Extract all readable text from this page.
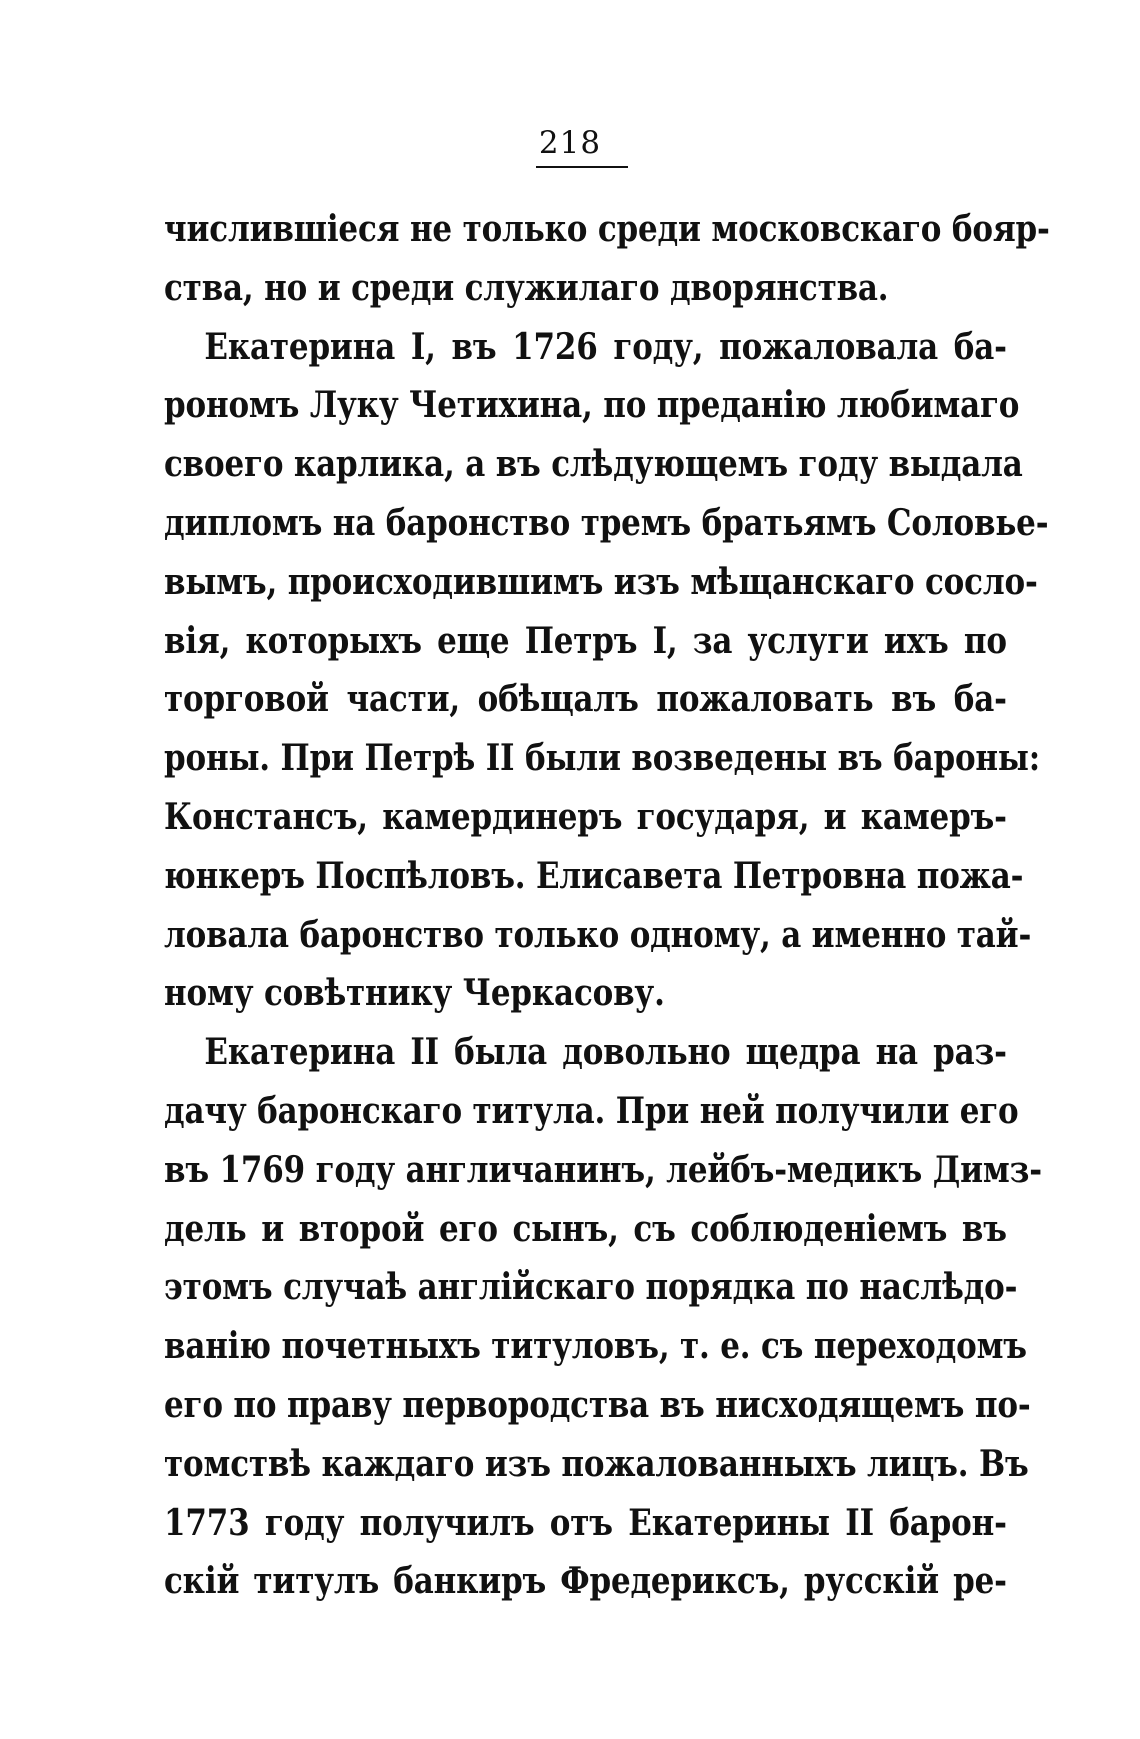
218
числившіеся не только среди московскаго бояр-
ства, но и среди служилаго дворянства.
Екатерина I, въ 1726 году, пожаловала ба-
рономъ Луку Четихина, по преданію любимаго
своего карлика, а въ слѣдующемъ году выдала
дипломъ на баронство тремъ братьямъ Соловье-
вымъ, происходившимъ изъ мѣщанскаго сосло-
вія, которыхъ еще Петръ I, за услуги ихъ по
торговой части, обѣщалъ пожаловать въ ба-
роны. При Петрѣ II были возведены въ бароны:
Констансъ, камердинеръ государя, и камеръ-
юнкеръ Поспѣловъ. Елисавета Петровна пожа-
ловала баронство только одному, а именно тай-
ному совѣтнику Черкасову.
Екатерина II была довольно щедра на раз-
дачу баронскаго титула. При ней получили его
въ 1769 году англичанинъ, лейбъ-медикъ Димз-
дель и второй его сынъ, съ соблюденіемъ въ
этомъ случаѣ англійскаго порядка по наслѣдо-
ванію почетныхъ титуловъ, т. е. съ переходомъ
его по праву первородства въ нисходящемъ по-
томствѣ каждаго изъ пожалованныхъ лицъ. Въ
1773 году получилъ отъ Екатерины II барон-
скій титулъ банкиръ Фредериксъ, русскій ре-
